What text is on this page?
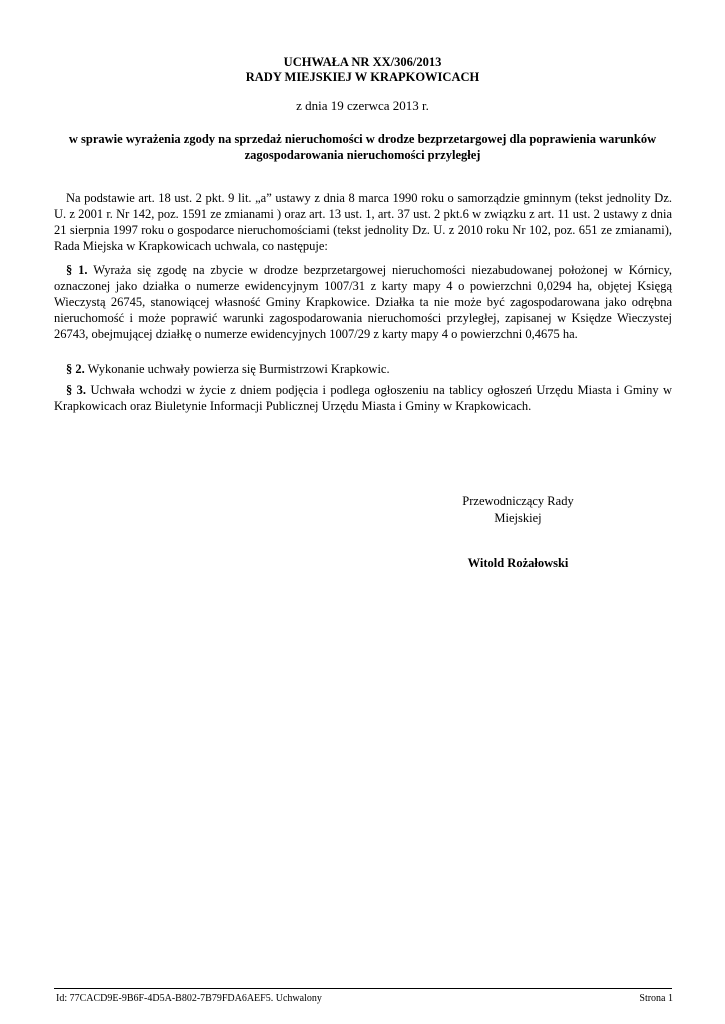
UCHWAŁA NR XX/306/2013
RADY MIEJSKIEJ W KRAPKOWICACH
z dnia 19 czerwca 2013 r.
w sprawie wyrażenia zgody na sprzedaż nieruchomości w drodze bezprzetargowej dla poprawienia warunków zagospodarowania nieruchomości przyległej

Na podstawie art. 18 ust. 2 pkt. 9 lit. „a” ustawy z dnia 8 marca 1990 roku o samorządzie gminnym (tekst jednolity Dz. U. z 2001 r. Nr 142, poz. 1591 ze zmianami ) oraz art. 13 ust. 1, art. 37 ust. 2 pkt.6 w związku z art. 11 ust. 2 ustawy z dnia 21 sierpnia 1997 roku o gospodarce nieruchomościami (tekst jednolity Dz. U. z 2010 roku Nr 102, poz. 651 ze zmianami), Rada Miejska w Krapkowicach uchwala, co następuje:

§ 1. Wyraża się zgodę na zbycie w drodze bezprzetargowej nieruchomości niezabudowanej położonej w Kórnicy, oznaczonej jako działka o numerze ewidencyjnym 1007/31 z karty mapy 4 o powierzchni 0,0294 ha, objętej Księgą Wieczystą 26745, stanowiącej własność Gminy Krapkowice. Działka ta nie może być zagospodarowana jako odrębna nieruchomość i może poprawić warunki zagospodarowania nieruchomości przyległej, zapisanej w Księdze Wieczystej 26743, obejmującej działkę o numerze ewidencyjnych 1007/29 z karty mapy 4 o powierzchni 0,4675 ha.

§ 2. Wykonanie uchwały powierza się Burmistrzowi Krapkowic.

§ 3. Uchwała wchodzi w życie z dniem podjęcia i podlega ogłoszeniu na tablicy ogłoszeń Urzędu Miasta i Gminy w Krapkowicach oraz Biuletynie Informacji Publicznej Urzędu Miasta i Gminy w Krapkowicach.

Przewodniczący Rady
Miejskiej
Witold Rożałowski
Id: 77CACD9E-9B6F-4D5A-B802-7B79FDA6AEF5. Uchwalony	Strona 1
